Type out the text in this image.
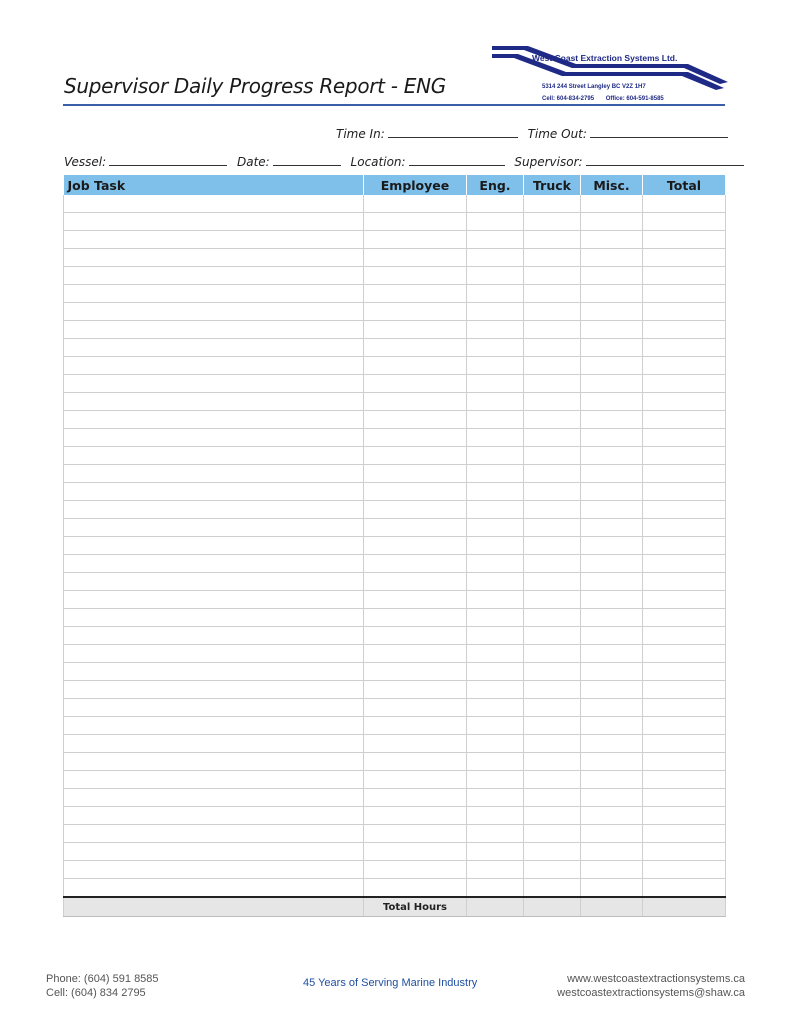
Supervisor Daily Progress Report - ENG
West Coast Extraction Systems Ltd.
5314 244 Street Langley BC V2Z 1H7
Cell: 604-834-2795 Office: 604-591-8585
Time In:	Time Out:
Vessel:	Date:	Location:	Supervisor:
Job Task	Employee	Eng.	Truck	Misc.	Total

	Total Hours				
Phone: (604) 591 8585
Cell: (604) 834 2795
45 Years of Serving Marine Industry	www.westcoastextractionsystems.ca
westcoastextractionsystems@shaw.ca
